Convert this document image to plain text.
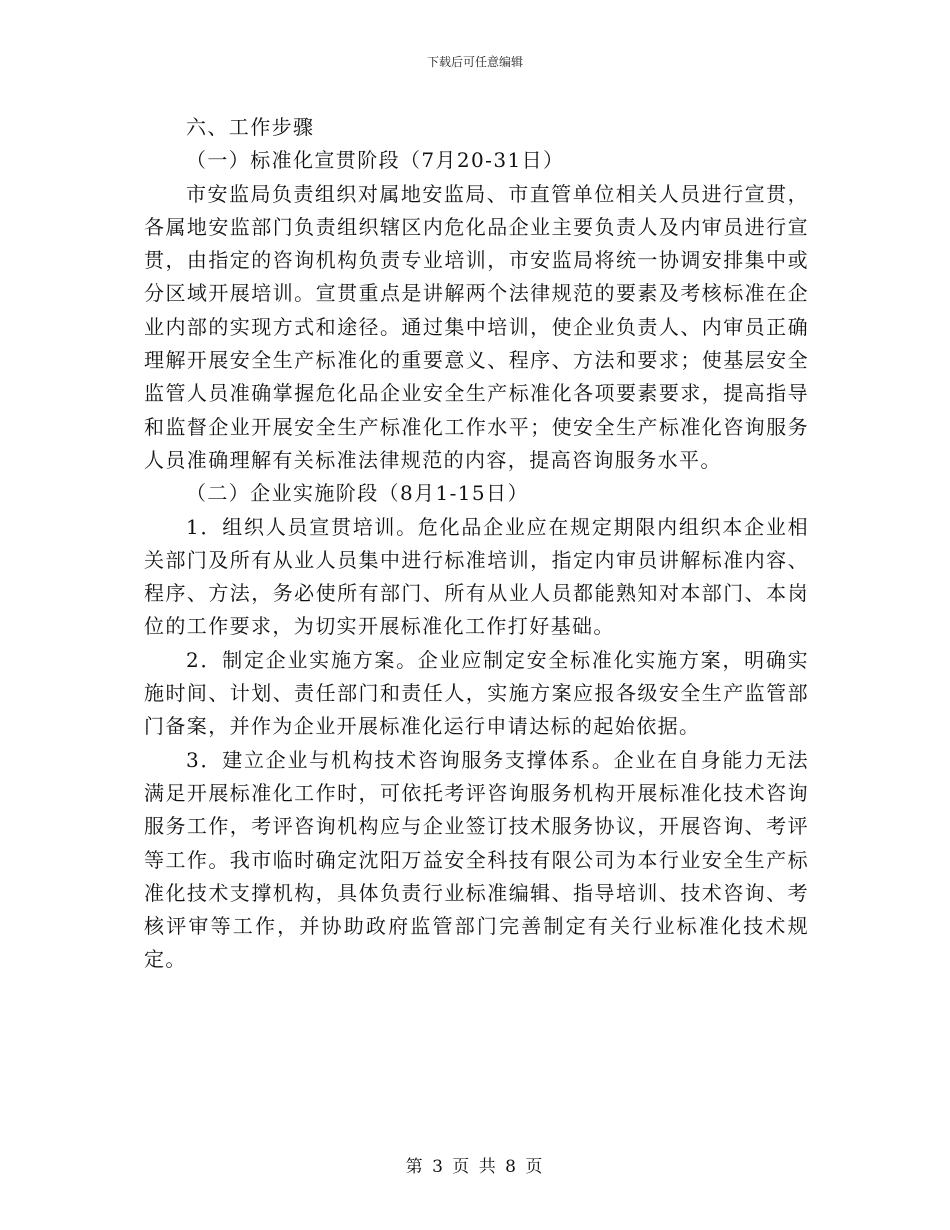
下载后可任意编辑

六、工作步骤

（一）标准化宣贯阶段（7月20-31日）

市安监局负责组织对属地安监局、市直管单位相关人员进行宣贯，各属地安监部门负责组织辖区内危化品企业主要负责人及内审员进行宣贯，由指定的咨询机构负责专业培训，市安监局将统一协调安排集中或分区域开展培训。宣贯重点是讲解两个法律规范的要素及考核标准在企业内部的实现方式和途径。通过集中培训，使企业负责人、内审员正确理解开展安全生产标准化的重要意义、程序、方法和要求；使基层安全监管人员准确掌握危化品企业安全生产标准化各项要素要求，提高指导和监督企业开展安全生产标准化工作水平；使安全生产标准化咨询服务人员准确理解有关标准法律规范的内容，提高咨询服务水平。

（二）企业实施阶段（8月1-15日）

1．组织人员宣贯培训。危化品企业应在规定期限内组织本企业相关部门及所有从业人员集中进行标准培训，指定内审员讲解标准内容、程序、方法，务必使所有部门、所有从业人员都能熟知对本部门、本岗位的工作要求，为切实开展标准化工作打好基础。

2．制定企业实施方案。企业应制定安全标准化实施方案，明确实施时间、计划、责任部门和责任人，实施方案应报各级安全生产监管部门备案，并作为企业开展标准化运行申请达标的起始依据。

3．建立企业与机构技术咨询服务支撑体系。企业在自身能力无法满足开展标准化工作时，可依托考评咨询服务机构开展标准化技术咨询服务工作，考评咨询机构应与企业签订技术服务协议，开展咨询、考评等工作。我市临时确定沈阳万益安全科技有限公司为本行业安全生产标准化技术支撑机构，具体负责行业标准编辑、指导培训、技术咨询、考核评审等工作，并协助政府监管部门完善制定有关行业标准化技术规定。

第 3 页 共 8 页
